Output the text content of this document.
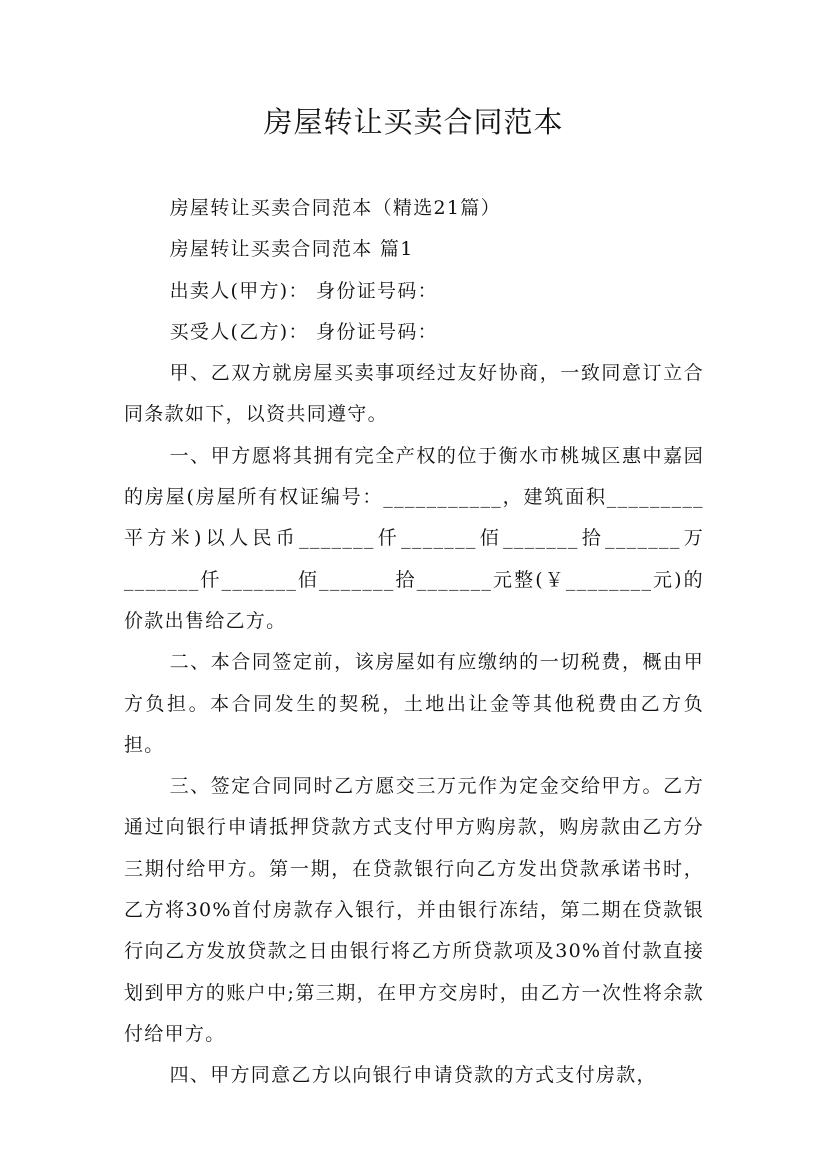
房屋转让买卖合同范本

房屋转让买卖合同范本（精选21篇）

房屋转让买卖合同范本 篇1

出卖人(甲方)： 身份证号码：

买受人(乙方)： 身份证号码：

甲、乙双方就房屋买卖事项经过友好协商，一致同意订立合同条款如下，以资共同遵守。

一、甲方愿将其拥有完全产权的位于衡水市桃城区惠中嘉园的房屋(房屋所有权证编号：___________，建筑面积_________平方米)以人民币_______仟_______佰_______拾_______万_______仟_______佰_______拾_______元整(￥________元)的价款出售给乙方。

二、本合同签定前，该房屋如有应缴纳的一切税费，概由甲方负担。本合同发生的契税，土地出让金等其他税费由乙方负担。

三、签定合同同时乙方愿交三万元作为定金交给甲方。乙方通过向银行申请抵押贷款方式支付甲方购房款，购房款由乙方分三期付给甲方。第一期，在贷款银行向乙方发出贷款承诺书时，乙方将30%首付房款存入银行，并由银行冻结，第二期在贷款银行向乙方发放贷款之日由银行将乙方所贷款项及30%首付款直接划到甲方的账户中;第三期，在甲方交房时，由乙方一次性将余款付给甲方。

四、甲方同意乙方以向银行申请贷款的方式支付房款，
